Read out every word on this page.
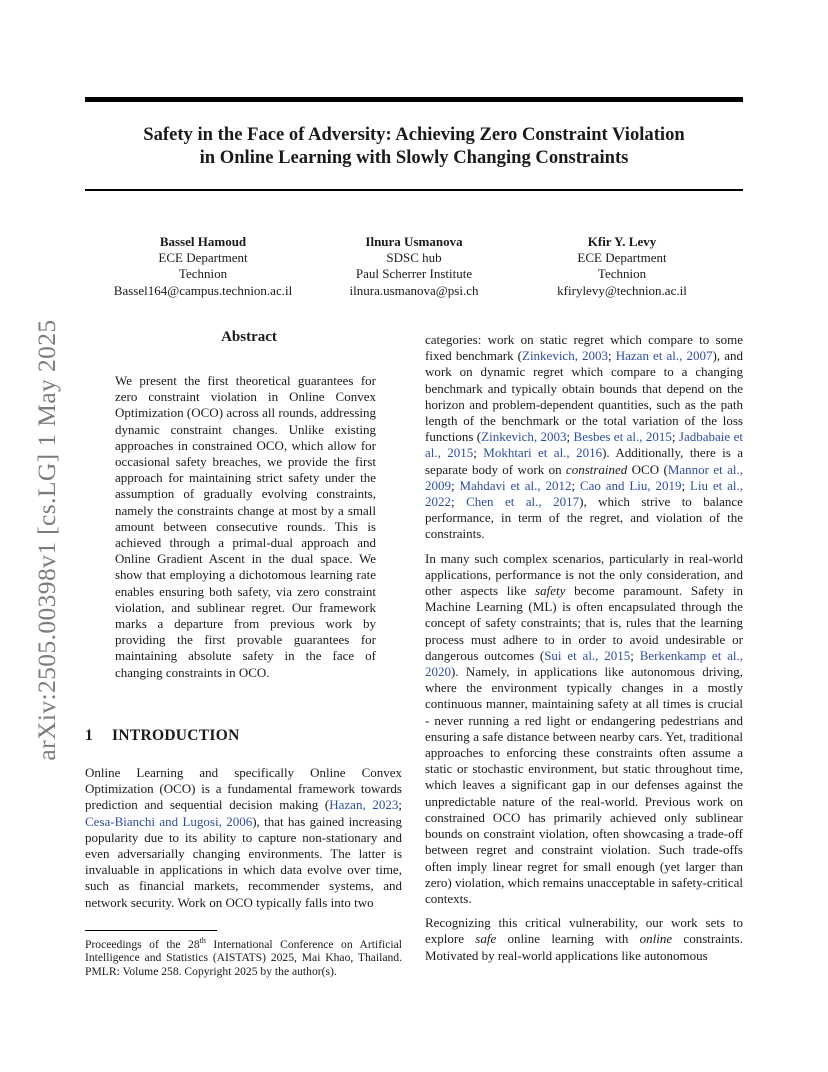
Safety in the Face of Adversity: Achieving Zero Constraint Violation
in Online Learning with Slowly Changing Constraints
Bassel Hamoud
ECE Department
Technion
Bassel164@campus.technion.ac.il
Ilnura Usmanova
SDSC hub
Paul Scherrer Institute
ilnura.usmanova@psi.ch
Kfir Y. Levy
ECE Department
Technion
kfirylevy@technion.ac.il
arXiv:2505.00398v1 [cs.LG] 1 May 2025	Abstract

We present the first theoretical guarantees for zero constraint violation in Online Convex Optimization (OCO) across all rounds, addressing dynamic constraint changes. Unlike existing approaches in constrained OCO, which allow for occasional safety breaches, we provide the first approach for maintaining strict safety under the assumption of gradually evolving constraints, namely the constraints change at most by a small amount between consecutive rounds. This is achieved through a primal-dual approach and Online Gradient Ascent in the dual space. We show that employing a dichotomous learning rate enables ensuring both safety, via zero constraint violation, and sublinear regret. Our framework marks a departure from previous work by providing the first provable guarantees for maintaining absolute safety in the face of changing constraints in OCO.

1 INTRODUCTION

Online Learning and specifically Online Convex Optimization (OCO) is a fundamental framework towards prediction and sequential decision making (Hazan, 2023; Cesa-Bianchi and Lugosi, 2006), that has gained increasing popularity due to its ability to capture non-stationary and even adversarially changing environments. The latter is invaluable in applications in which data evolve over time, such as financial markets, recommender systems, and network security. Work on OCO typically falls into two

Proceedings of the 28th International Conference on Artificial Intelligence and Statistics (AISTATS) 2025, Mai Khao, Thailand. PMLR: Volume 258. Copyright 2025 by the author(s).

categories: work on static regret which compare to some fixed benchmark (Zinkevich, 2003; Hazan et al., 2007), and work on dynamic regret which compare to a changing benchmark and typically obtain bounds that depend on the horizon and problem-dependent quantities, such as the path length of the benchmark or the total variation of the loss functions (Zinkevich, 2003; Besbes et al., 2015; Jadbabaie et al., 2015; Mokhtari et al., 2016). Additionally, there is a separate body of work on constrained OCO (Mannor et al., 2009; Mahdavi et al., 2012; Cao and Liu, 2019; Liu et al., 2022; Chen et al., 2017), which strive to balance performance, in term of the regret, and violation of the constraints.

In many such complex scenarios, particularly in real-world applications, performance is not the only consideration, and other aspects like safety become paramount. Safety in Machine Learning (ML) is often encapsulated through the concept of safety constraints; that is, rules that the learning process must adhere to in order to avoid undesirable or dangerous outcomes (Sui et al., 2015; Berkenkamp et al., 2020). Namely, in applications like autonomous driving, where the environment typically changes in a mostly continuous manner, maintaining safety at all times is crucial - never running a red light or endangering pedestrians and ensuring a safe distance between nearby cars. Yet, traditional approaches to enforcing these constraints often assume a static or stochastic environment, but static throughout time, which leaves a significant gap in our defenses against the unpredictable nature of the real-world. Previous work on constrained OCO has primarily achieved only sublinear bounds on constraint violation, often showcasing a trade-off between regret and constraint violation. Such trade-offs often imply linear regret for small enough (yet larger than zero) violation, which remains unacceptable in safety-critical contexts.

Recognizing this critical vulnerability, our work sets to explore safe online learning with online constraints. Motivated by real-world applications like autonomous
